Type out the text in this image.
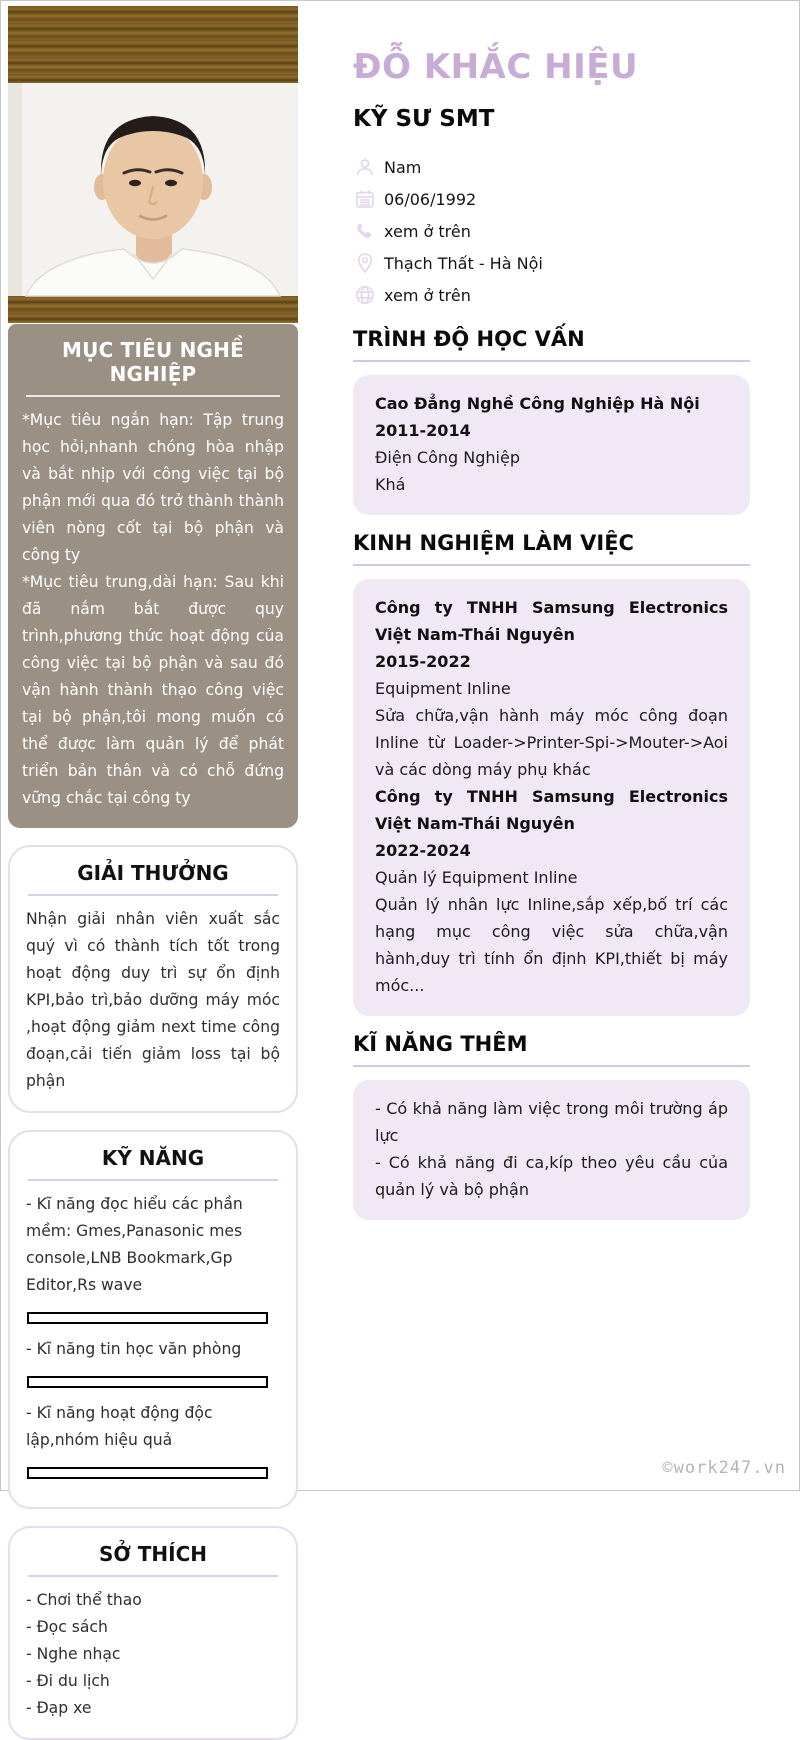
MỤC TIÊU NGHỀ NGHIỆP

*Mục tiêu ngắn hạn: Tập trung học hỏi,nhanh chóng hòa nhập và bắt nhịp với công việc tại bộ phận mới qua đó trở thành thành viên nòng cốt tại bộ phận và công ty

*Mục tiêu trung,dài hạn: Sau khi đã nắm bắt được quy trình,phương thức hoạt động của công việc tại bộ phận và sau đó vận hành thành thạo công việc tại bộ phận,tôi mong muốn có thể được làm quản lý để phát triển bản thân và có chỗ đứng vững chắc tại công ty

GIẢI THƯỞNG

Nhận giải nhân viên xuất sắc quý vì có thành tích tốt trong hoạt động duy trì sự ổn định KPI,bảo trì,bảo dưỡng máy móc ,hoạt động giảm next time công đoạn,cải tiến giảm loss tại bộ phận

KỸ NĂNG
- Kĩ năng đọc hiểu các phần mềm: Gmes,Panasonic mes console,LNB Bookmark,Gp Editor,Rs wave
- Kĩ năng tin học văn phòng
- Kĩ năng hoạt động độc lập,nhóm hiệu quả
SỞ THÍCH
- Chơi thể thao
- Đọc sách
- Nghe nhạc
- Đi du lịch
- Đạp xe
ĐỖ KHẮC HIỆU
KỸ SƯ SMT
Nam
06/06/1992
xem ở trên
Thạch Thất - Hà Nội
xem ở trên
TRÌNH ĐỘ HỌC VẤN
Cao Đẳng Nghề Công Nghiệp Hà Nội
2011-2014
Điện Công Nghiệp
Khá
KINH NGHIỆM LÀM VIỆC
Công ty TNHH Samsung Electronics Việt Nam-Thái Nguyên
2015-2022
Equipment Inline
Sửa chữa,vận hành máy móc công đoạn Inline từ Loader->Printer-Spi->Mouter->Aoi và các dòng máy phụ khác
Công ty TNHH Samsung Electronics Việt Nam-Thái Nguyên
2022-2024
Quản lý Equipment Inline
Quản lý nhân lực Inline,sắp xếp,bố trí các hạng mục công việc sửa chữa,vận hành,duy trì tính ổn định KPI,thiết bị máy móc...
KĨ NĂNG THÊM
- Có khả năng làm việc trong môi trường áp lực
- Có khả năng đi ca,kíp theo yêu cầu của quản lý và bộ phận
©work247.vn
